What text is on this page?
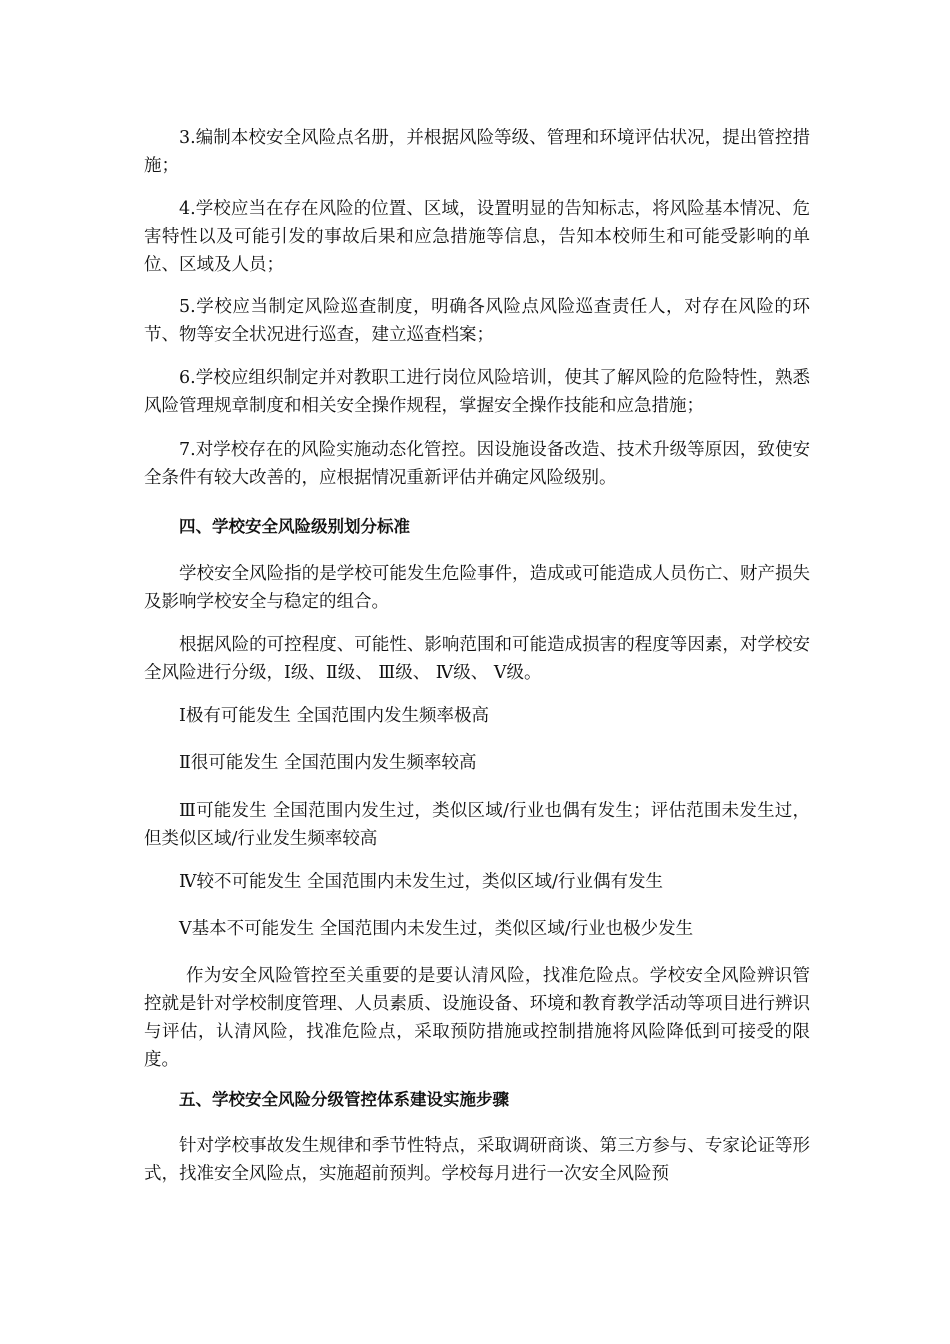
3.编制本校安全风险点名册，并根据风险等级、管理和环境评估状况，提出管控措施；

4.学校应当在存在风险的位置、区域，设置明显的告知标志，将风险基本情况、危害特性以及可能引发的事故后果和应急措施等信息，告知本校师生和可能受影响的单位、区域及人员；

5.学校应当制定风险巡查制度，明确各风险点风险巡查责任人，对存在风险的环节、物等安全状况进行巡查，建立巡查档案；

6.学校应组织制定并对教职工进行岗位风险培训，使其了解风险的危险特性，熟悉风险管理规章制度和相关安全操作规程，掌握安全操作技能和应急措施；

7.对学校存在的风险实施动态化管控。因设施设备改造、技术升级等原因，致使安全条件有较大改善的，应根据情况重新评估并确定风险级别。

四、学校安全风险级别划分标准

学校安全风险指的是学校可能发生危险事件，造成或可能造成人员伤亡、财产损失及影响学校安全与稳定的组合。

根据风险的可控程度、可能性、影响范围和可能造成损害的程度等因素，对学校安全风险进行分级，Ⅰ级、Ⅱ级、 Ⅲ级、 Ⅳ级、 Ⅴ级。

Ⅰ极有可能发生 全国范围内发生频率极高

Ⅱ很可能发生 全国范围内发生频率较高

Ⅲ可能发生 全国范围内发生过，类似区域/行业也偶有发生；评估范围未发生过，但类似区域/行业发生频率较高

Ⅳ较不可能发生 全国范围内未发生过，类似区域/行业偶有发生

Ⅴ基本不可能发生 全国范围内未发生过，类似区域/行业也极少发生

作为安全风险管控至关重要的是要认清风险，找准危险点。学校安全风险辨识管控就是针对学校制度管理、人员素质、设施设备、环境和教育教学活动等项目进行辨识与评估，认清风险，找准危险点，采取预防措施或控制措施将风险降低到可接受的限度。

五、学校安全风险分级管控体系建设实施步骤

针对学校事故发生规律和季节性特点，采取调研商谈、第三方参与、专家论证等形式，找准安全风险点，实施超前预判。学校每月进行一次安全风险预
